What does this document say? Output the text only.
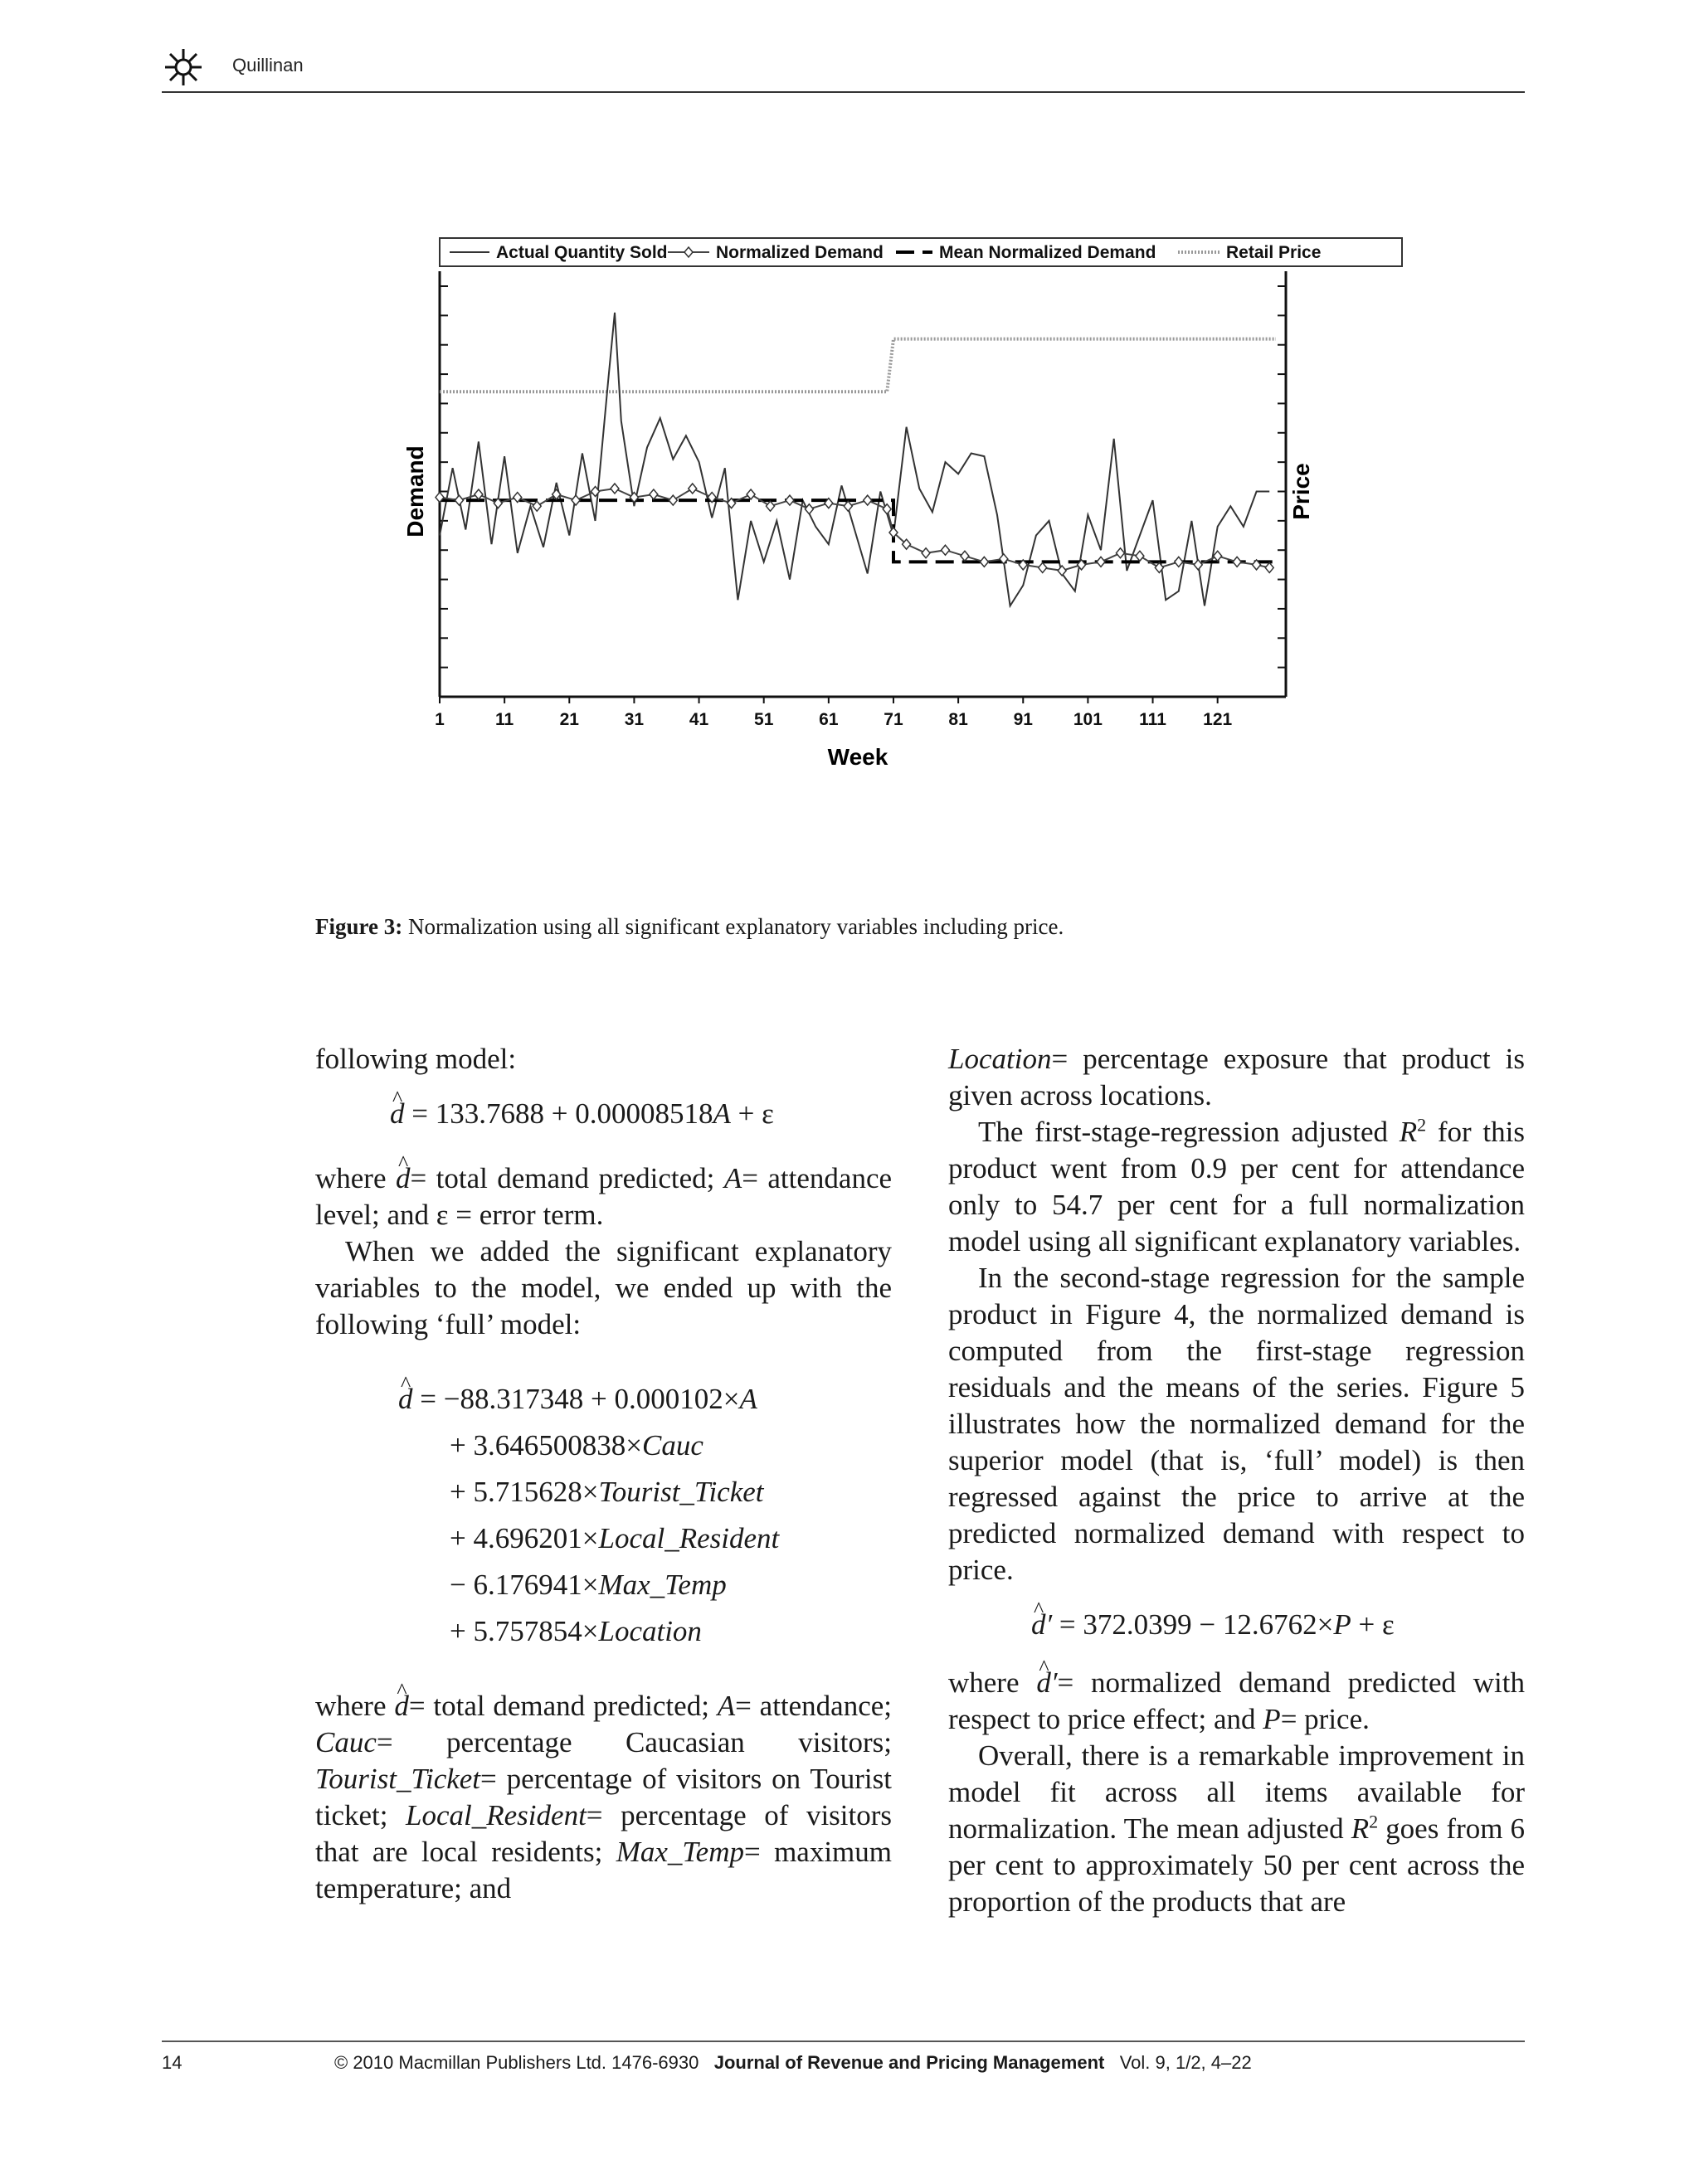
Quillinan
Actual Quantity Sold	Normalized Demand	Mean Normalized Demand	Retail Price
1	11	21	31	41	51	61	71	81	91 101 111 121
Week
Demand	Price
Figure 3: Normalization using all significant explanatory variables including price.

following model:

^ d = 133.7688 + 0.00008518A + ε

where ^ d= total demand predicted; A= attendance level; and ε = error term.

When we added the significant explanatory variables to the model, we ended up with the following ‘full’ model:

^ d = −88.317348 + 0.000102×A
+ 3.646500838×Cauc
+ 5.715628×Tourist_Ticket
+ 4.696201×Local_Resident
− 6.176941×Max_Temp
+ 5.757854×Location

where ^ d= total demand predicted; A= attendance; Cauc= percentage Caucasian visitors; Tourist_Ticket= percentage of visitors on Tourist ticket; Local_Resident= percentage of visitors that are local residents; Max_Temp= maximum temperature; and

Location= percentage exposure that product is given across locations.

The first-stage-regression adjusted $R^2$ for this product went from 0.9 per cent for attendance only to 54.7 per cent for a full normalization model using all significant explanatory variables.

In the second-stage regression for the sample product in Figure 4, the normalized demand is computed from the first-stage regression residuals and the means of the series. Figure 5 illustrates how the normalized demand for the superior model (that is, ‘full’ model) is then regressed against the price to arrive at the predicted normalized demand with respect to price.

^ d′ = 372.0399 − 12.6762×P + ε

where ^ d′= normalized demand predicted with respect to price effect; and P= price.

Overall, there is a remarkable improvement in model fit across all items available for normalization. The mean adjusted $R^2$ goes from 6 per cent to approximately 50 per cent across the proportion of the products that are

14	© 2010 Macmillan Publishers Ltd. 1476-6930 Journal of Revenue and Pricing Management Vol. 9, 1/2, 4–22
